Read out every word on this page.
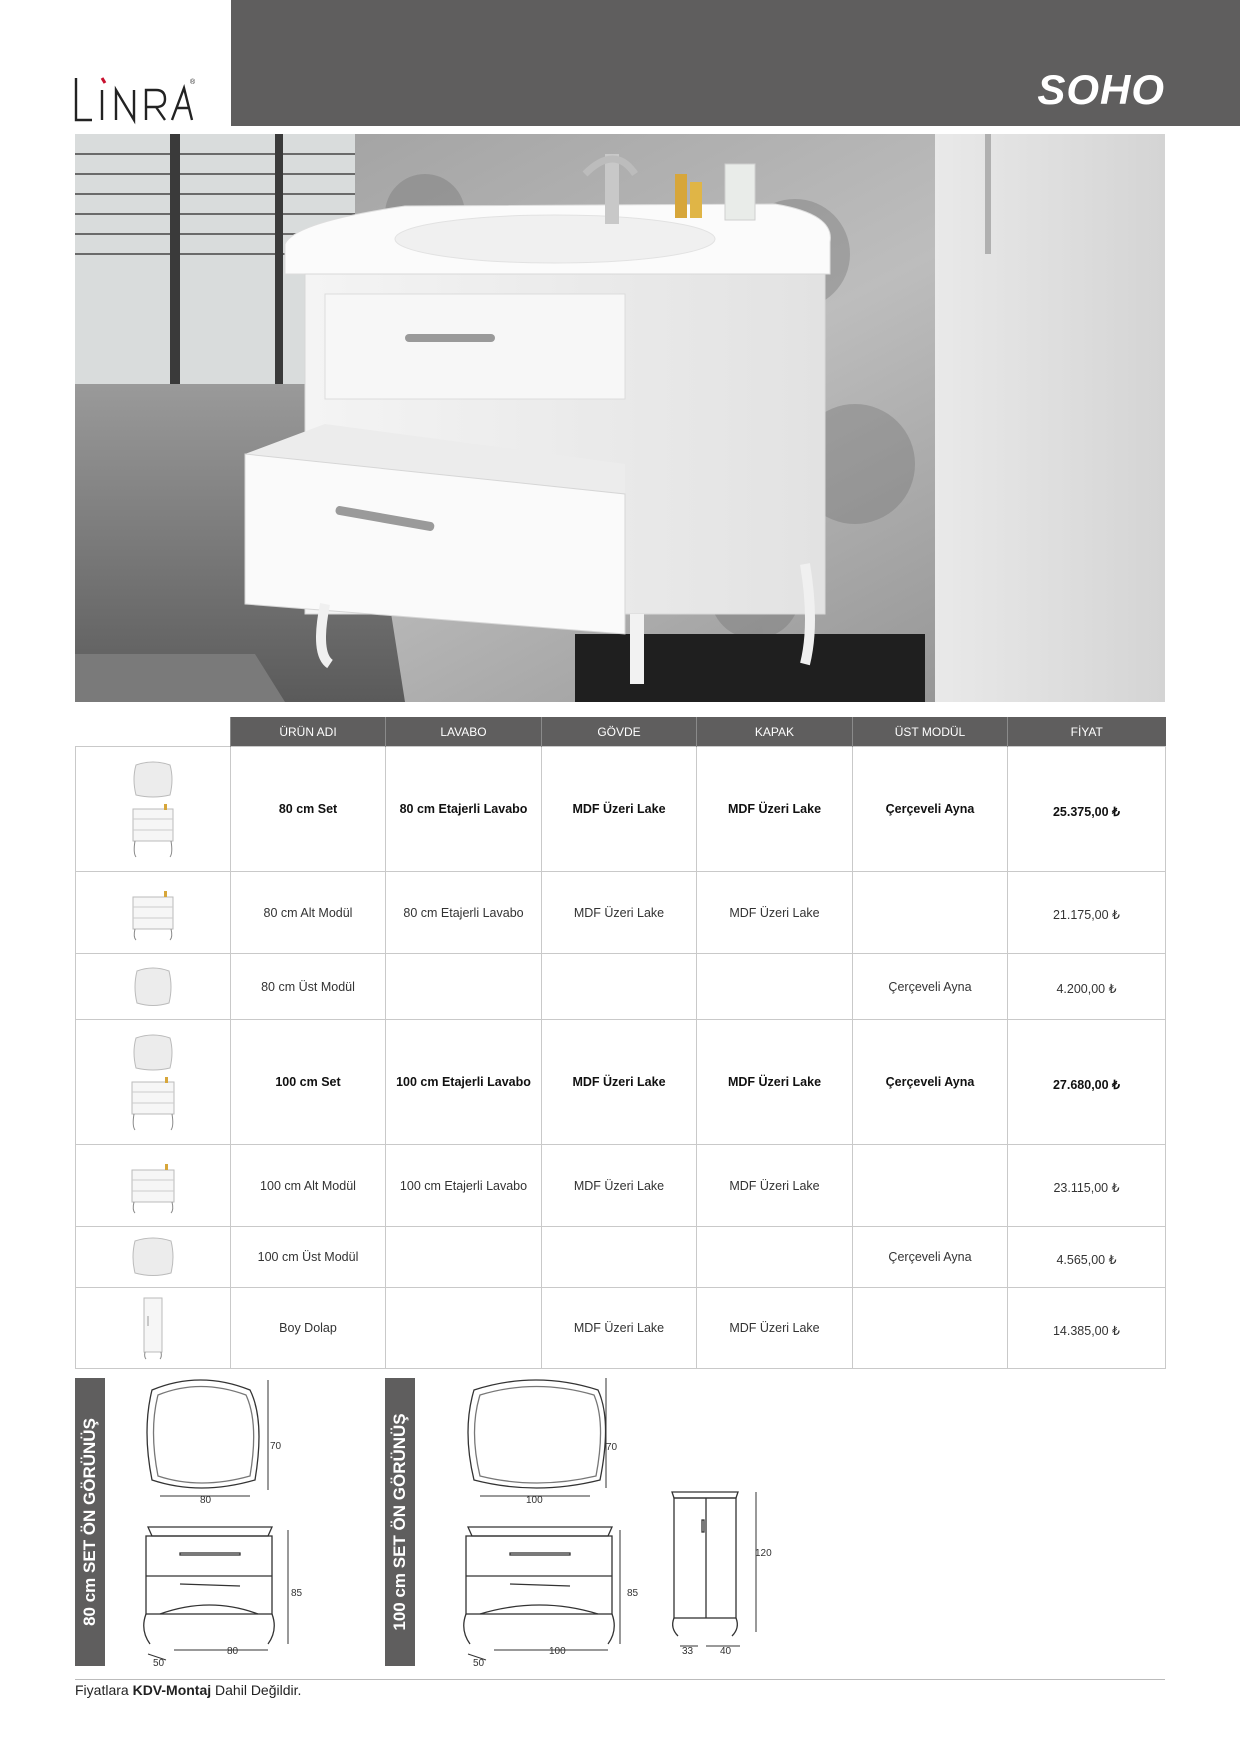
®	SOHO
	ÜRÜN ADI	LAVABO	GÖVDE	KAPAK	ÜST MODÜL	FİYAT

	80 cm Set	80 cm Etajerli Lavabo	MDF Üzeri Lake	MDF Üzeri Lake	Çerçeveli Ayna	25.375,00 ₺

	80 cm Alt Modül	80 cm Etajerli Lavabo	MDF Üzeri Lake	MDF Üzeri Lake		21.175,00 ₺

	80 cm Üst Modül				Çerçeveli Ayna	4.200,00 ₺

	100 cm Set	100 cm Etajerli Lavabo	MDF Üzeri Lake	MDF Üzeri Lake	Çerçeveli Ayna	27.680,00 ₺

	100 cm Alt Modül	100 cm Etajerli Lavabo	MDF Üzeri Lake	MDF Üzeri Lake		23.115,00 ₺

	100 cm Üst Modül				Çerçeveli Ayna	4.565,00 ₺

	Boy Dolap		MDF Üzeri Lake	MDF Üzeri Lake		14.385,00 ₺
80 cm SET ÖN GÖRÜNÜŞ	100 cm SET ÖN GÖRÜNÜŞ
80
70
80
85
50
100
70
100
85
50
120
33	40
Fiyatlara KDV-Montaj Dahil Değildir.
